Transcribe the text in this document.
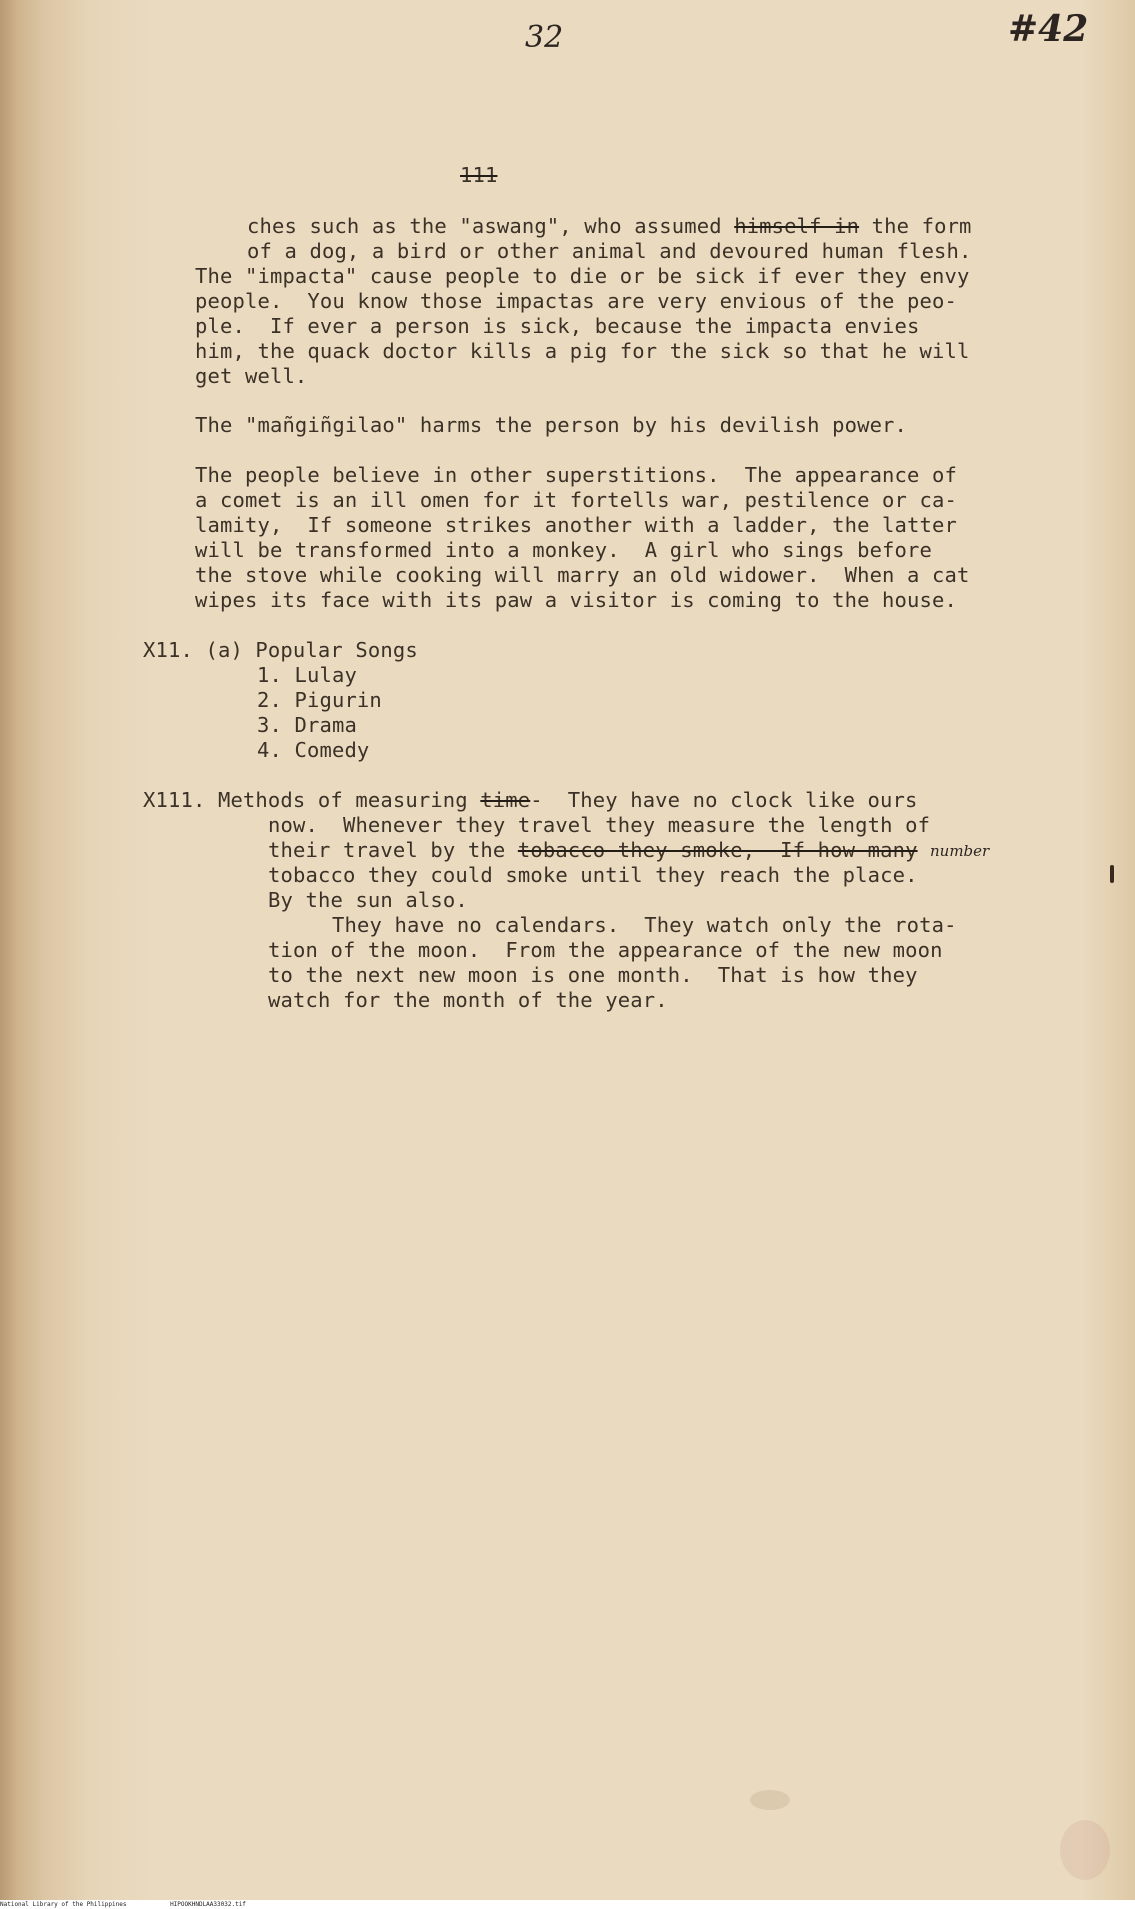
32	#42
111
ches such as the "aswang", who assumed himself in the form
of a dog, a bird or other animal and devoured human flesh.
The "impacta" cause people to die or be sick if ever they envy
people.  You know those impactas are very envious of the peo-
ple.  If ever a person is sick, because the impacta envies
him, the quack doctor kills a pig for the sick so that he will
get well.
The "mañgiñgilao" harms the person by his devilish power.
The people believe in other superstitions.  The appearance of
a comet is an ill omen for it fortells war, pestilence or ca-
lamity,  If someone strikes another with a ladder, the latter
will be transformed into a monkey.  A girl who sings before
the stove while cooking will marry an old widower.  When a cat
wipes its face with its paw a visitor is coming to the house.
X11. (a) Popular Songs
1. Lulay
2. Pigurin
3. Drama
4. Comedy
X111. Methods of measuring time-  They have no clock like ours
now.  Whenever they travel they measure the length of
their travel by the tobacco they smoke,  If how many number
tobacco they could smoke until they reach the place.
By the sun also.
They have no calendars.  They watch only the rota-
tion of the moon.  From the appearance of the new moon
to the next new moon is one month.  That is how they
watch for the month of the year.
National Library of the Philippines	HIPOOKHNDLAA33032.tif
